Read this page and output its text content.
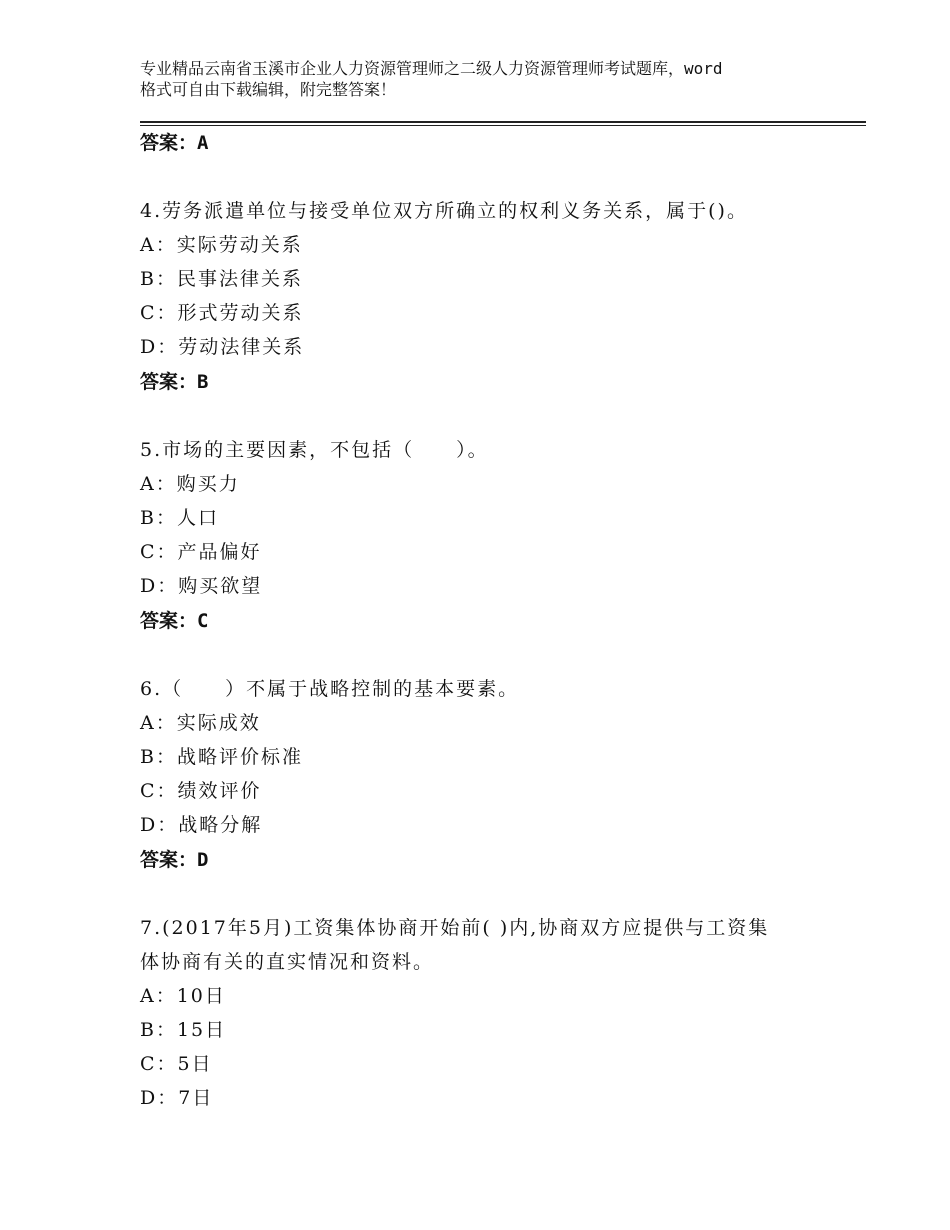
专业精品云南省玉溪市企业人力资源管理师之二级人力资源管理师考试题库，word
格式可自由下载编辑，附完整答案！
答案：A
4.劳务派遣单位与接受单位双方所确立的权利义务关系，属于()。
A：实际劳动关系
B：民事法律关系
C：形式劳动关系
D：劳动法律关系
答案：B
5.市场的主要因素，不包括（　　）。
A：购买力
B：人口
C：产品偏好
D：购买欲望
答案：C
6.（　　）不属于战略控制的基本要素。
A：实际成效
B：战略评价标准
C：绩效评价
D：战略分解
答案：D
7.(2017年5月)工资集体协商开始前( )内,协商双方应提供与工资集
体协商有关的直实情况和资料。
A：10日
B：15日
C：5日
D：7日
